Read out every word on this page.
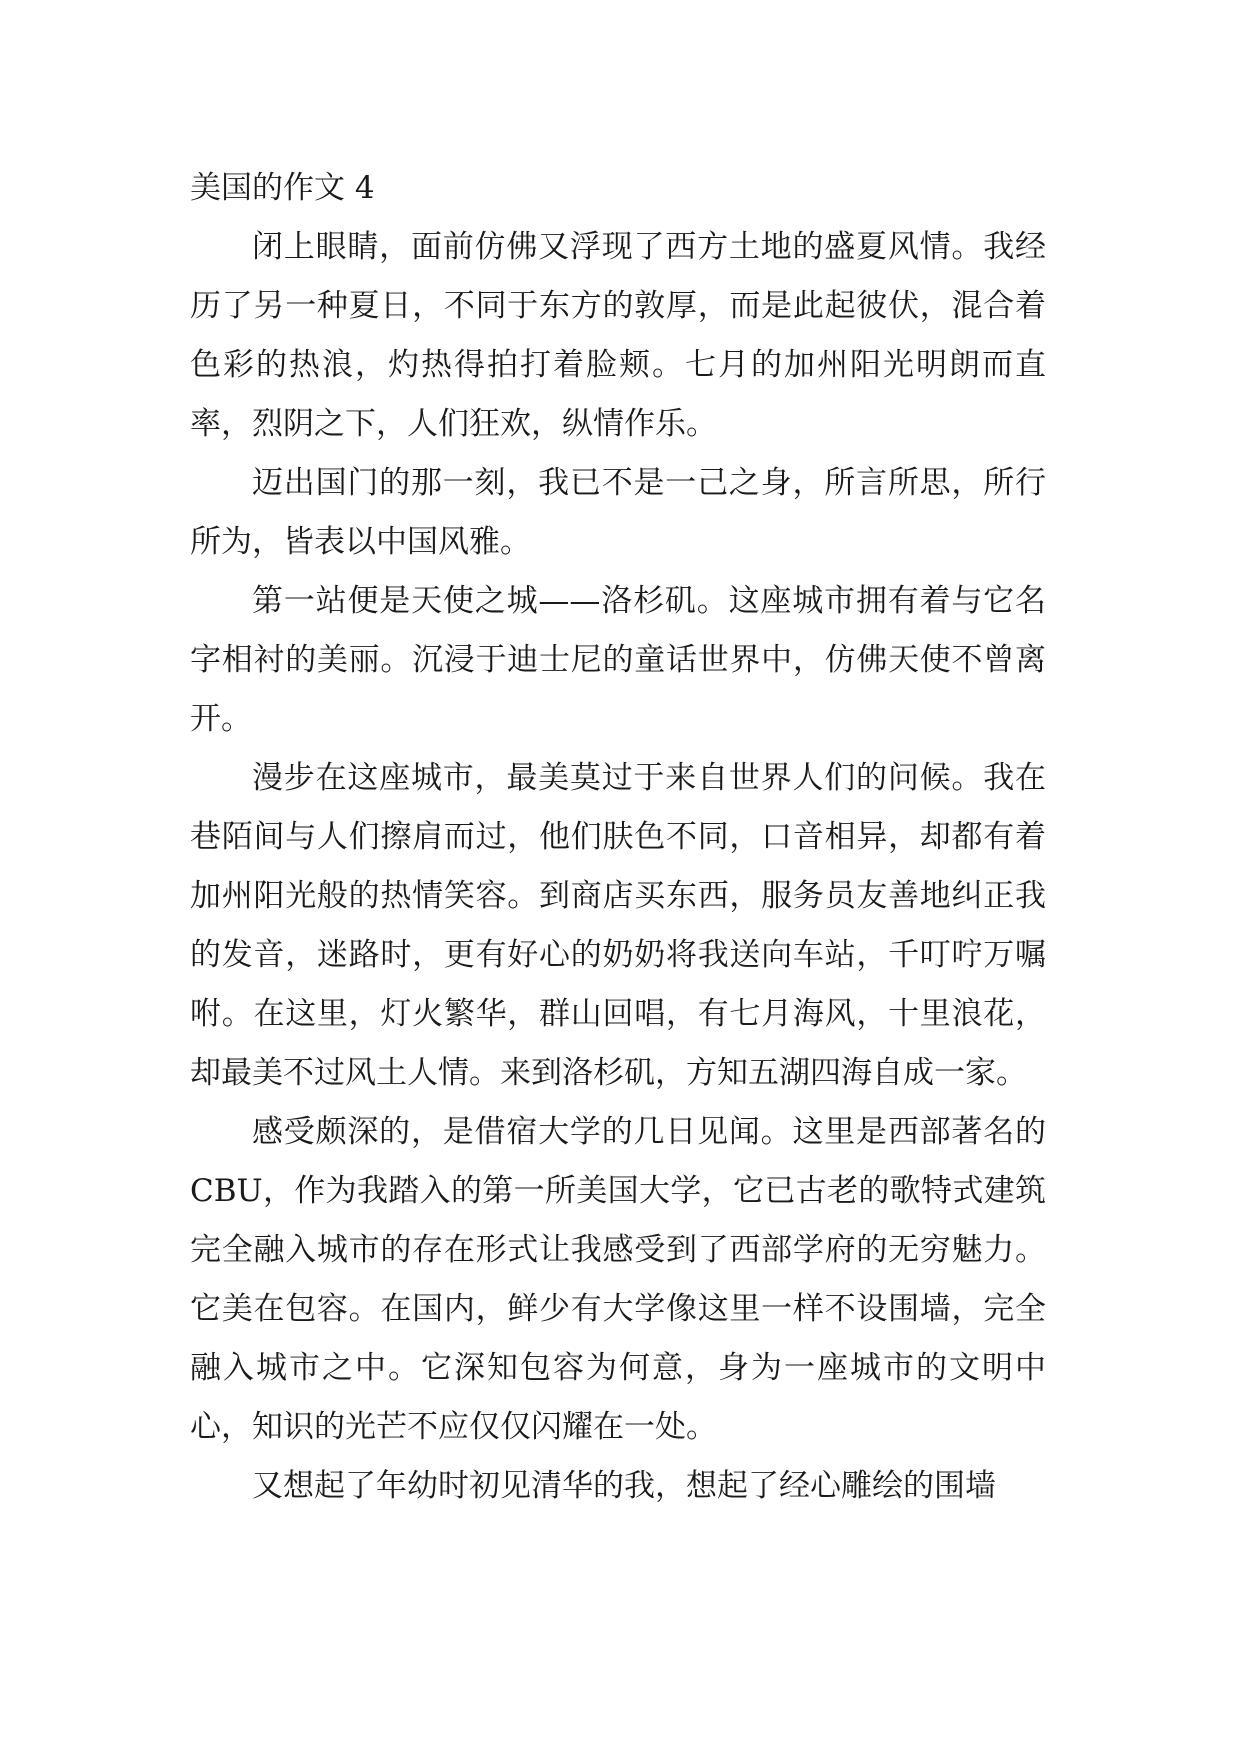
美国的作文 4

闭上眼睛，面前仿佛又浮现了西方土地的盛夏风情。我经历了另一种夏日，不同于东方的敦厚，而是此起彼伏，混合着色彩的热浪，灼热得拍打着脸颊。七月的加州阳光明朗而直率，烈阴之下，人们狂欢，纵情作乐。

迈出国门的那一刻，我已不是一己之身，所言所思，所行所为，皆表以中国风雅。

第一站便是天使之城——洛杉矶。这座城市拥有着与它名字相衬的美丽。沉浸于迪士尼的童话世界中，仿佛天使不曾离开。

漫步在这座城市，最美莫过于来自世界人们的问候。我在巷陌间与人们擦肩而过，他们肤色不同，口音相异，却都有着加州阳光般的热情笑容。到商店买东西，服务员友善地纠正我的发音，迷路时，更有好心的奶奶将我送向车站，千叮咛万嘱咐。在这里，灯火繁华，群山回唱，有七月海风，十里浪花，却最美不过风土人情。来到洛杉矶，方知五湖四海自成一家。

感受颇深的，是借宿大学的几日见闻。这里是西部著名的 CBU，作为我踏入的第一所美国大学，它已古老的歌特式建筑完全融入城市的存在形式让我感受到了西部学府的无穷魅力。它美在包容。在国内，鲜少有大学像这里一样不设围墙，完全融入城市之中。它深知包容为何意，身为一座城市的文明中心，知识的光芒不应仅仅闪耀在一处。

又想起了年幼时初见清华的我，想起了经心雕绘的围墙
